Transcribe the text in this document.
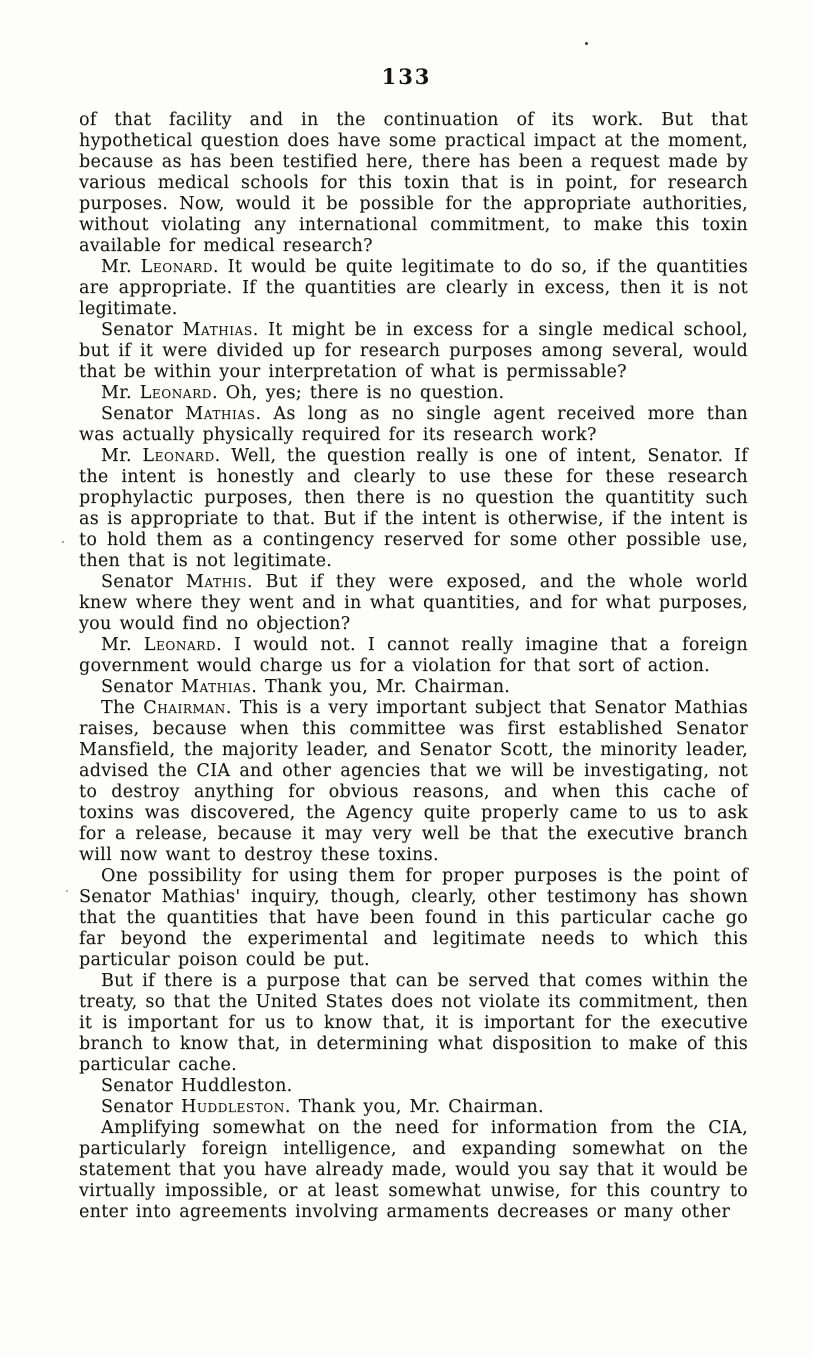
133

of that facility and in the continuation of its work. But that hypothetical question does have some practical impact at the moment, because as has been testified here, there has been a request made by various medical schools for this toxin that is in point, for research purposes. Now, would it be possible for the appropriate authorities, without violating any international commitment, to make this toxin available for medical research?

Mr. Leonard. It would be quite legitimate to do so, if the quantities are appropriate. If the quantities are clearly in excess, then it is not legitimate.

Senator Mathias. It might be in excess for a single medical school, but if it were divided up for research purposes among several, would that be within your interpretation of what is permissable?

Mr. Leonard. Oh, yes; there is no question.

Senator Mathias. As long as no single agent received more than was actually physically required for its research work?

Mr. Leonard. Well, the question really is one of intent, Senator. If the intent is honestly and clearly to use these for these research prophylactic purposes, then there is no question the quantitity such as is appropriate to that. But if the intent is otherwise, if the intent is to hold them as a contingency reserved for some other possible use, then that is not legitimate.

Senator Mathis. But if they were exposed, and the whole world knew where they went and in what quantities, and for what purposes, you would find no objection?

Mr. Leonard. I would not. I cannot really imagine that a foreign government would charge us for a violation for that sort of action.

Senator Mathias. Thank you, Mr. Chairman.

The Chairman. This is a very important subject that Senator Mathias raises, because when this committee was first established Senator Mansfield, the majority leader, and Senator Scott, the minority leader, advised the CIA and other agencies that we will be investigating, not to destroy anything for obvious reasons, and when this cache of toxins was discovered, the Agency quite properly came to us to ask for a release, because it may very well be that the executive branch will now want to destroy these toxins.

One possibility for using them for proper purposes is the point of Senator Mathias' inquiry, though, clearly, other testimony has shown that the quantities that have been found in this particular cache go far beyond the experimental and legitimate needs to which this particular poison could be put.

But if there is a purpose that can be served that comes within the treaty, so that the United States does not violate its commitment, then it is important for us to know that, it is important for the executive branch to know that, in determining what disposition to make of this particular cache.

Senator Huddleston.

Senator Huddleston. Thank you, Mr. Chairman.

Amplifying somewhat on the need for information from the CIA, particularly foreign intelligence, and expanding somewhat on the statement that you have already made, would you say that it would be virtually impossible, or at least somewhat unwise, for this country to enter into agreements involving armaments decreases or many other
